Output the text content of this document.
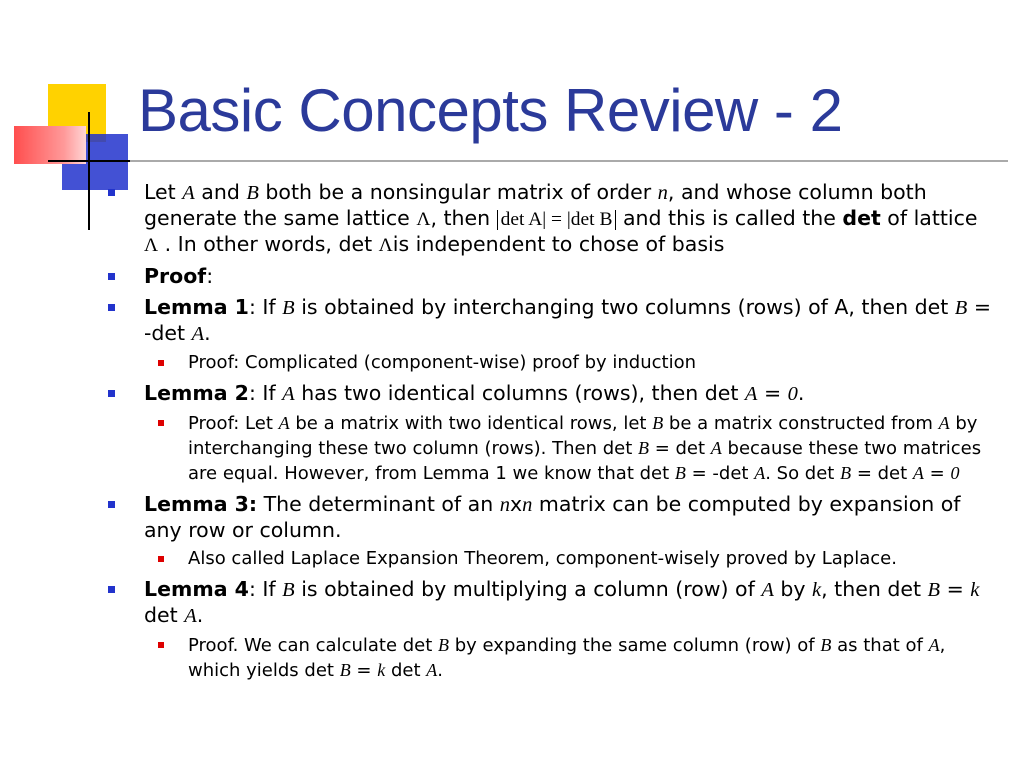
Basic Concepts Review - 2
Let A and B both be a nonsingular matrix of order n, and whose column both generate the same lattice Λ, then det A| = |det B and this is called the det of lattice Λ . In other words, det Λis independent to chose of basis
Proof:
Lemma 1: If B is obtained by interchanging two columns (rows) of A, then det B = -det A.
Proof: Complicated (component-wise) proof by induction
Lemma 2: If A has two identical columns (rows), then det A = 0.
Proof: Let A be a matrix with two identical rows, let B be a matrix constructed from A by interchanging these two column (rows). Then det B = det A because these two matrices are equal. However, from Lemma 1 we know that det B = -det A. So det B = det A = 0
Lemma 3: The determinant of an nxn matrix can be computed by expansion of any row or column.
Also called Laplace Expansion Theorem, component-wisely proved by Laplace.
Lemma 4: If B is obtained by multiplying a column (row) of A by k, then det B = k det A.
Proof. We can calculate det B by expanding the same column (row) of B as that of A, which yields det B = k det A.
